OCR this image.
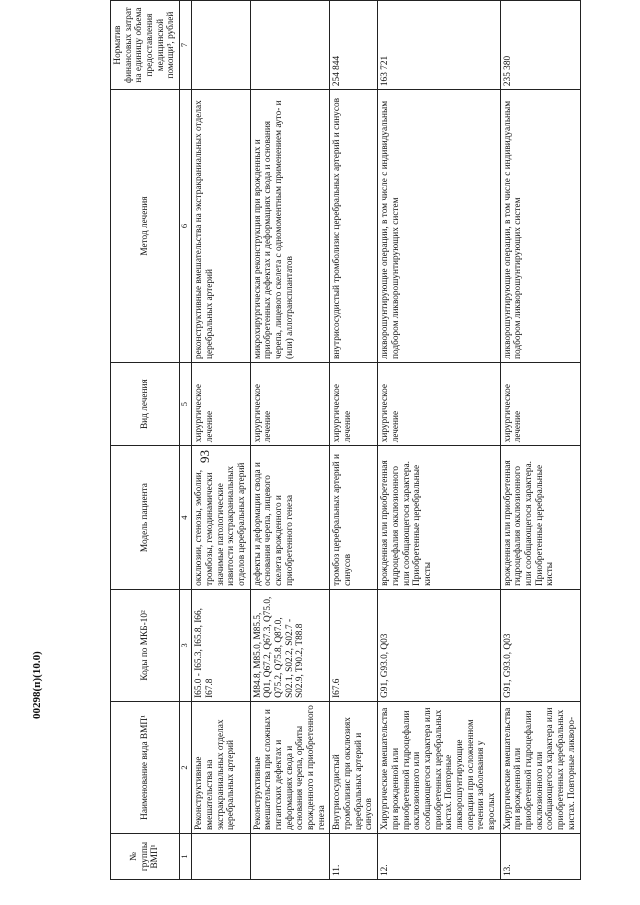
93
00298(п)(10.0)
№ группы ВМП¹	Наименование вида ВМП¹	Коды по МКБ-10²	Модель пациента	Вид лечения	Метод лечения	Норматив финансовых затрат на единицу объема предоставления медицинской помощи³, рублей
1	2	3	4	5	6	7
	Реконструктивные вмешательства на экстракраниальных отделах церебральных артерий	I65.0 - I65.3, I65.8, I66, I67.8	окклюзии, стенозы, эмболии, тромбозы, гемодинамически значимые патологические извитости экстракраниальных отделов церебральных артерий	хирургическое лечение	реконструктивные вмешательства на экстракраниальных отделах церебральных артерий	
	Реконструктивные вмешательства при сложных и гигантских дефектах и деформациях свода и основания черепа, орбиты врожденного и приобретенного генеза	M84.8, M85.0, M85.5, Q01, Q67.2, Q67.3, Q75.0, Q75.2, Q75.8, Q87.0, S02.1, S02.2, S02.7 - S02.9, T90.2, T88.8	дефекты и деформации свода и основания черепа, лицевого скелета врожденного и приобретенного генеза	хирургическое лечение	микрохирургическая реконструкция при врожденных и приобретенных дефектах и деформациях свода и основания черепа, лицевого скелета с одномоментным применением ауто- и (или) аллотрансплантатов	
11.	Внутрисосудистый тромболизис при окклюзиях церебральных артерий и синусов	I67.6	тромбоз церебральных артерий и синусов	хирургическое лечение	внутрисосудистый тромболизис церебральных артерий и синусов	254 844
12.	Хирургические вмешательства при врожденной или приобретенной гидроцефалии окклюзионного или сообщающегося характера или приобретенных церебральных кистах. Повторные ликворошунтирующие операции при осложненном течении заболевания у взрослых	G91, G93.0, Q03	врожденная или приобретенная гидроцефалия окклюзионного или сообщающегося характера. Приобретенные церебральные кисты	хирургическое лечение	ликворошунтирующие операции, в том числе с индивидуальным подбором ликворошунтирующих систем	163 721
13.	Хирургические вмешательства при врожденной или приобретенной гидроцефалии окклюзионного или сообщающегося характера или приобретенных церебральных кистах. Повторные ликворо-	G91, G93.0, Q03	врожденная или приобретенная гидроцефалия окклюзионного или сообщающегося характера. Приобретенные церебральные кисты	хирургическое лечение	ликворошунтирующие операции, в том числе с индивидуальным подбором ликворошунтирующих систем	235 380
